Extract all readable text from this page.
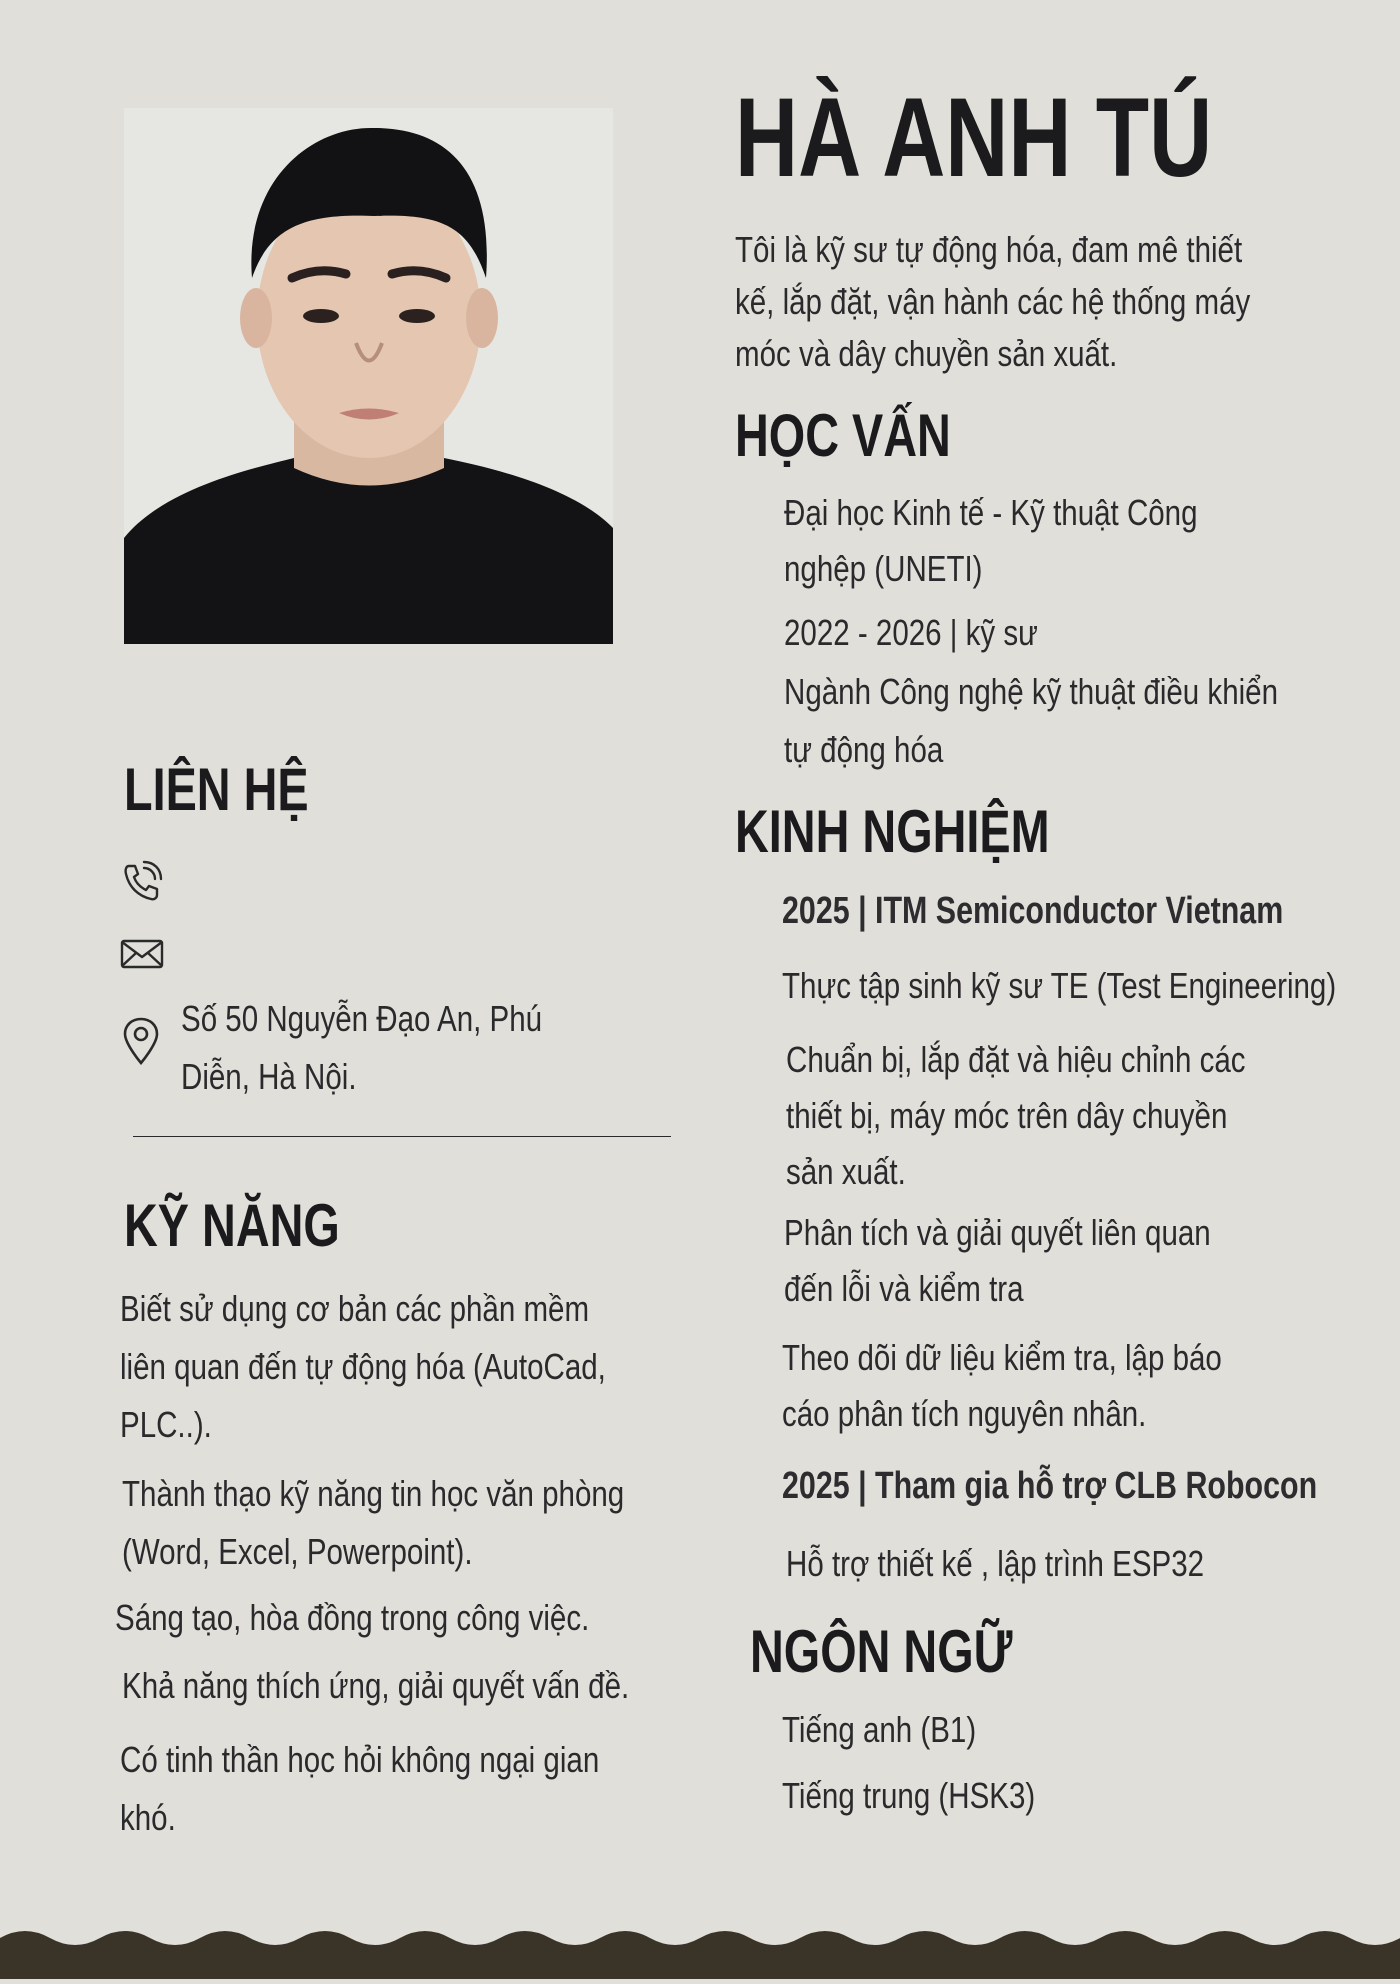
HÀ ANH TÚ
Tôi là kỹ sư tự động hóa, đam mê thiết
kế, lắp đặt, vận hành các hệ thống máy
móc và dây chuyền sản xuất.
HỌC VẤN
Đại học Kinh tế - Kỹ thuật Công
nghệp (UNETI)
2022 - 2026 | kỹ sư
Ngành Công nghệ kỹ thuật điều khiển
tự động hóa
KINH NGHIỆM
2025 | ITM Semiconductor Vietnam
Thực tập sinh kỹ sư TE (Test Engineering)
Chuẩn bị, lắp đặt và hiệu chỉnh các
thiết bị, máy móc trên dây chuyền
sản xuất.
Phân tích và giải quyết liên quan
đến lỗi và kiểm tra
Theo dõi dữ liệu kiểm tra, lập báo
cáo phân tích nguyên nhân.
2025 | Tham gia hỗ trợ CLB Robocon
Hỗ trợ thiết kế , lập trình ESP32
NGÔN NGỮ
Tiếng anh (B1)
Tiếng trung (HSK3)
LIÊN HỆ
Số 50 Nguyễn Đạo An, Phú
Diễn, Hà Nội.
KỸ NĂNG
Biết sử dụng cơ bản các phần mềm
liên quan đến tự động hóa (AutoCad,
PLC..).
Thành thạo kỹ năng tin học văn phòng
(Word, Excel, Powerpoint).
Sáng tạo, hòa đồng trong công việc.
Khả năng thích ứng, giải quyết vấn đề.
Có tinh thần học hỏi không ngại gian
khó.
